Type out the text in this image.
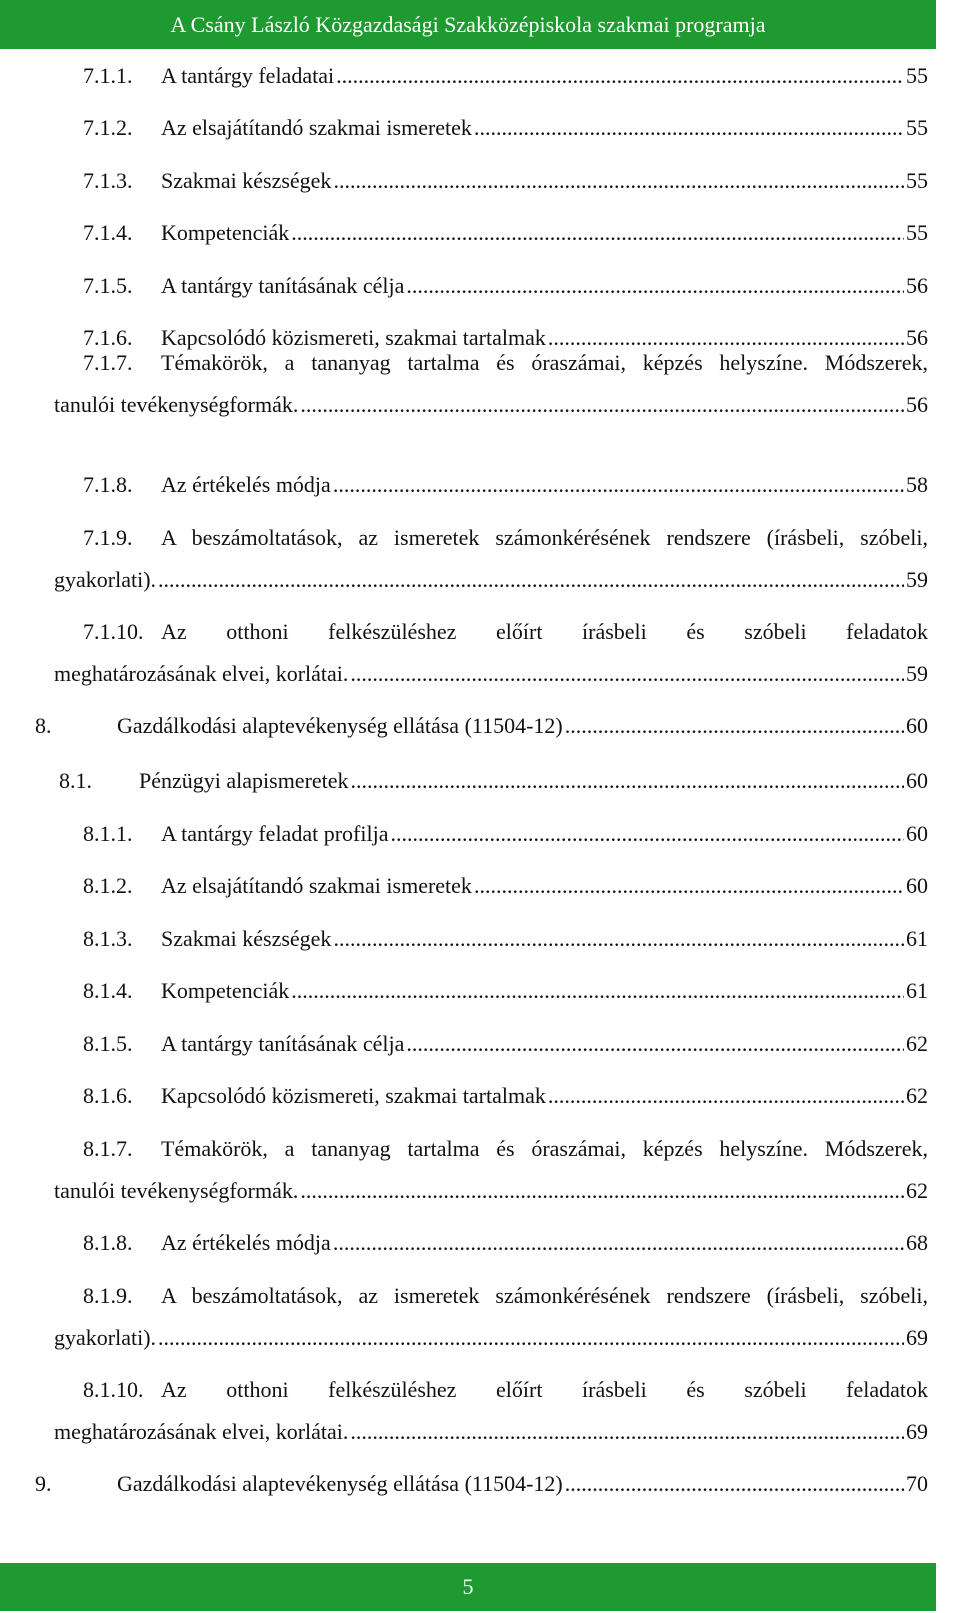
A Csány László Közgazdasági Szakközépiskola szakmai programja
7.1.1.	A tantárgy feladatai .....	55
7.1.2.	Az elsajátítandó szakmai ismeretek .....	55
7.1.3.	Szakmai készségek .....	55
7.1.4.	Kompetenciák .....	55
7.1.5.	A tantárgy tanításának célja .....	56
7.1.6.	Kapcsolódó közismereti, szakmai tartalmak .....	56
7.1.7.	Témakörök, a tananyag tartalma és óraszámai, képzés helyszíne. Módszerek,
tanulói tevékenységformák. .....	56
7.1.8.	Az értékelés módja .....	58
7.1.9.	A beszámoltatások, az ismeretek számonkérésének rendszere (írásbeli, szóbeli,
gyakorlati). .....	59
7.1.10. Az otthoni felkészüléshez előírt írásbeli és szóbeli feladatok
meghatározásának elvei, korlátai. .....	59
8.	Gazdálkodási alaptevékenység ellátása (11504-12) .....	60
8.1.	Pénzügyi alapismeretek .....	60
8.1.1.	A tantárgy feladat profilja .....	60
8.1.2.	Az elsajátítandó szakmai ismeretek .....	60
8.1.3.	Szakmai készségek .....	61
8.1.4.	Kompetenciák .....	61
8.1.5.	A tantárgy tanításának célja .....	62
8.1.6.	Kapcsolódó közismereti, szakmai tartalmak .....	62
8.1.7.	Témakörök, a tananyag tartalma és óraszámai, képzés helyszíne. Módszerek,
tanulói tevékenységformák. .....	62
8.1.8.	Az értékelés módja .....	68
8.1.9.	A beszámoltatások, az ismeretek számonkérésének rendszere (írásbeli, szóbeli,
gyakorlati). .....	69
8.1.10. Az otthoni felkészüléshez előírt írásbeli és szóbeli feladatok
meghatározásának elvei, korlátai. .....	69
9.	Gazdálkodási alaptevékenység ellátása (11504-12) .....	70
5
